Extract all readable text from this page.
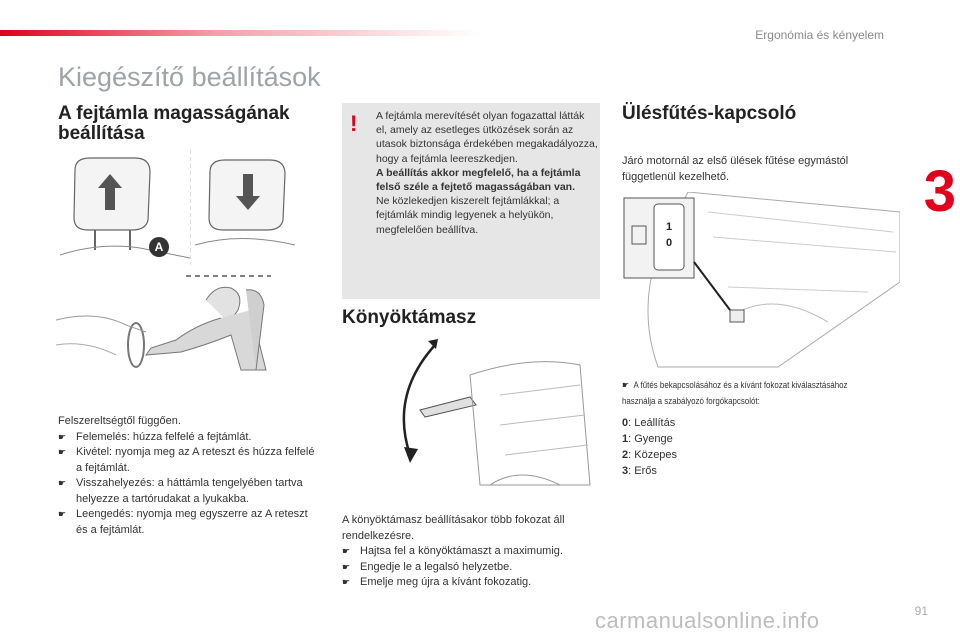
Ergonómia és kényelem
Kiegészítő beállítások
3
A fejtámla magasságának
beállítása
A

Felszereltségtől függően.

☛ Felemelés: húzza felfelé a fejtámlát.

☛ Kivétel: nyomja meg az A reteszt és húzza felfelé a fejtámlát.

☛ Visszahelyezés: a háttámla tengelyében tartva helyezze a tartórudakat a lyukakba.

☛ Leengedés: nyomja meg egyszerre az A reteszt és a fejtámlát.

! A fejtámla merevítését olyan fogazattal látták el, amely az esetleges ütközések során az utasok biztonsága érdekében megakadályozza, hogy a fejtámla leereszkedjen.

A beállítás akkor megfelelő, ha a fejtámla felső széle a fejtető magasságában van.

Ne közlekedjen kiszerelt fejtámlákkal; a fejtámlák mindig legyenek a helyükön, megfelelően beállítva.

Könyöktámasz

A könyöktámasz beállításakor több fokozat áll rendelkezésre.

☛ Hajtsa fel a könyöktámaszt a maximumig.

☛ Engedje le a legalsó helyzetbe.

☛ Emelje meg újra a kívánt fokozatig.

Ülésfűtés-kapcsoló
Járó motornál az első ülések fűtése egymástól függetlenül kezelhető.
1
0
☛  A fűtés bekapcsolásához és a kívánt fokozat kiválasztásához használja a szabályozó forgókapcsolót:
0: Leállítás
1: Gyenge
2: Közepes
3: Erős
carmanualsonline.info	91
